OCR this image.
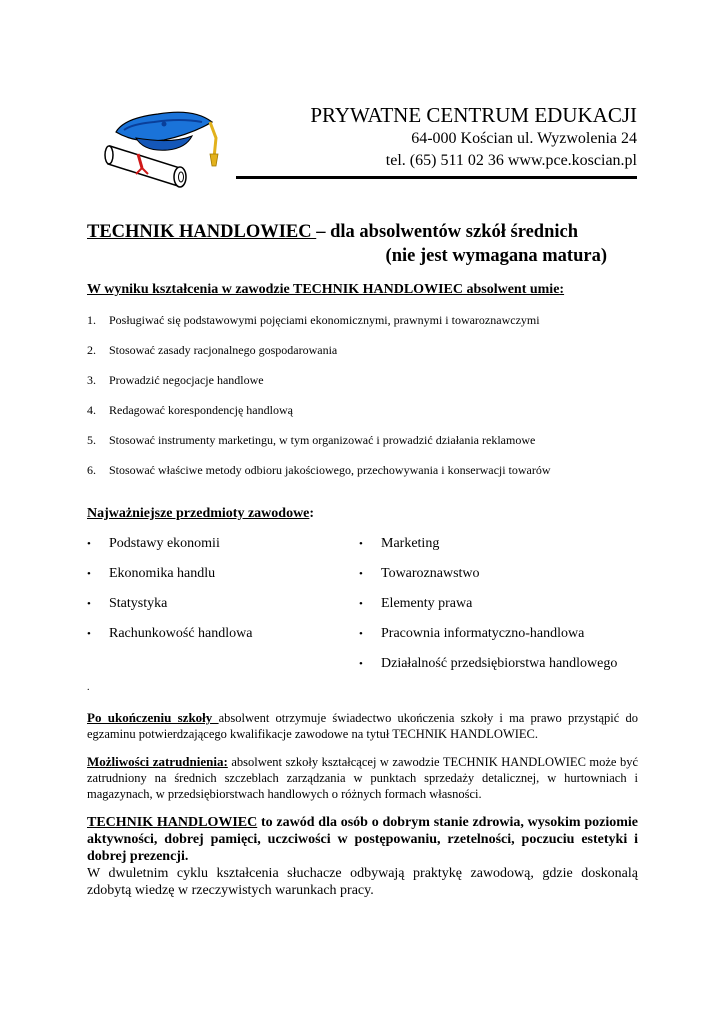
PRYWATNE CENTRUM EDUKACJI
64-000 Kościan ul. Wyzwolenia 24
tel. (65) 511 02 36 www.pce.koscian.pl
TECHNIK HANDLOWIEC – dla absolwentów szkół średnich
(nie jest wymagana matura)
W wyniku kształcenia w zawodzie TECHNIK HANDLOWIEC absolwent umie:
1. Posługiwać się podstawowymi pojęciami ekonomicznymi, prawnymi i towaroznawczymi
2. Stosować zasady racjonalnego gospodarowania
3. Prowadzić negocjacje handlowe
4. Redagować korespondencję handlową
5. Stosować instrumenty marketingu, w tym organizować i prowadzić działania reklamowe
6. Stosować właściwe metody odbioru jakościowego, przechowywania i konserwacji towarów
Najważniejsze przedmioty zawodowe:
• Podstawy ekonomii
• Ekonomika handlu
• Statystyka
• Rachunkowość handlowa
• Marketing
• Towaroznawstwo
• Elementy prawa
• Pracownia informatyczno-handlowa
• Działalność przedsiębiorstwa handlowego
.

Po ukończeniu szkoły absolwent otrzymuje świadectwo ukończenia szkoły i ma prawo przystąpić do egzaminu potwierdzającego kwalifikacje zawodowe na tytuł TECHNIK HANDLOWIEC.

Możliwości zatrudnienia: absolwent szkoły kształcącej w zawodzie TECHNIK HANDLOWIEC może być zatrudniony na średnich szczeblach zarządzania w punktach sprzedaży detalicznej, w hurtowniach i magazynach, w przedsiębiorstwach handlowych o różnych formach własności.

TECHNIK HANDLOWIEC to zawód dla osób o dobrym stanie zdrowia, wysokim poziomie aktywności, dobrej pamięci, uczciwości w postępowaniu, rzetelności, poczuciu estetyki i dobrej prezencji.
W dwuletnim cyklu kształcenia słuchacze odbywają praktykę zawodową, gdzie doskonalą zdobytą wiedzę w rzeczywistych warunkach pracy.
